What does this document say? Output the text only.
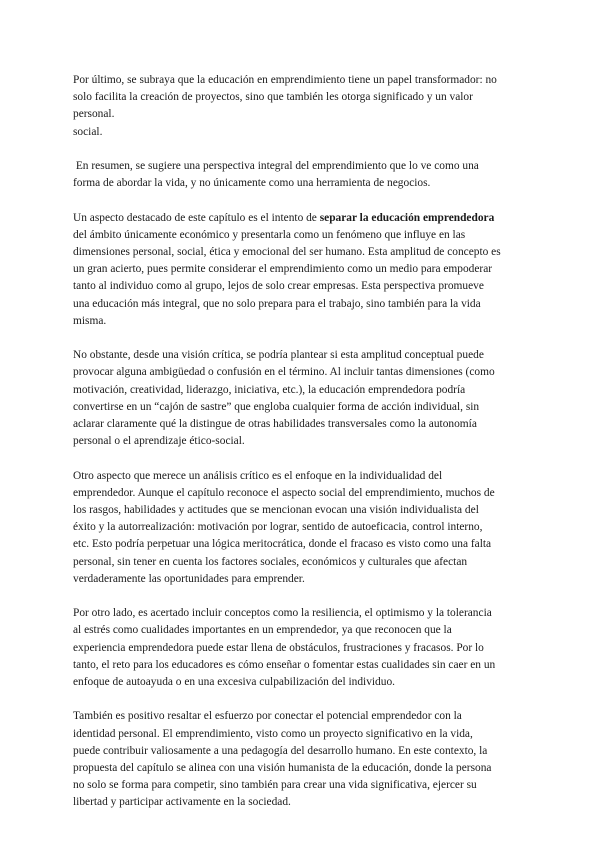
Por último, se subraya que la educación en emprendimiento tiene un papel transformador: no
solo facilita la creación de proyectos, sino que también les otorga significado y un valor
personal.
social.

En resumen, se sugiere una perspectiva integral del emprendimiento que lo ve como una
forma de abordar la vida, y no únicamente como una herramienta de negocios.

Un aspecto destacado de este capítulo es el intento de separar la educación emprendedora
del ámbito únicamente económico y presentarla como un fenómeno que influye en las
dimensiones personal, social, ética y emocional del ser humano. Esta amplitud de concepto es
un gran acierto, pues permite considerar el emprendimiento como un medio para empoderar
tanto al individuo como al grupo, lejos de solo crear empresas. Esta perspectiva promueve
una educación más integral, que no solo prepara para el trabajo, sino también para la vida
misma.

No obstante, desde una visión crítica, se podría plantear si esta amplitud conceptual puede
provocar alguna ambigüedad o confusión en el término. Al incluir tantas dimensiones (como
motivación, creatividad, liderazgo, iniciativa, etc.), la educación emprendedora podría
convertirse en un “cajón de sastre” que engloba cualquier forma de acción individual, sin
aclarar claramente qué la distingue de otras habilidades transversales como la autonomía
personal o el aprendizaje ético-social.

Otro aspecto que merece un análisis crítico es el enfoque en la individualidad del
emprendedor. Aunque el capítulo reconoce el aspecto social del emprendimiento, muchos de
los rasgos, habilidades y actitudes que se mencionan evocan una visión individualista del
éxito y la autorrealización: motivación por lograr, sentido de autoeficacia, control interno,
etc. Esto podría perpetuar una lógica meritocrática, donde el fracaso es visto como una falta
personal, sin tener en cuenta los factores sociales, económicos y culturales que afectan
verdaderamente las oportunidades para emprender.

Por otro lado, es acertado incluir conceptos como la resiliencia, el optimismo y la tolerancia
al estrés como cualidades importantes en un emprendedor, ya que reconocen que la
experiencia emprendedora puede estar llena de obstáculos, frustraciones y fracasos. Por lo
tanto, el reto para los educadores es cómo enseñar o fomentar estas cualidades sin caer en un
enfoque de autoayuda o en una excesiva culpabilización del individuo.

También es positivo resaltar el esfuerzo por conectar el potencial emprendedor con la
identidad personal. El emprendimiento, visto como un proyecto significativo en la vida,
puede contribuir valiosamente a una pedagogía del desarrollo humano. En este contexto, la
propuesta del capítulo se alinea con una visión humanista de la educación, donde la persona
no solo se forma para competir, sino también para crear una vida significativa, ejercer su
libertad y participar activamente en la sociedad.
